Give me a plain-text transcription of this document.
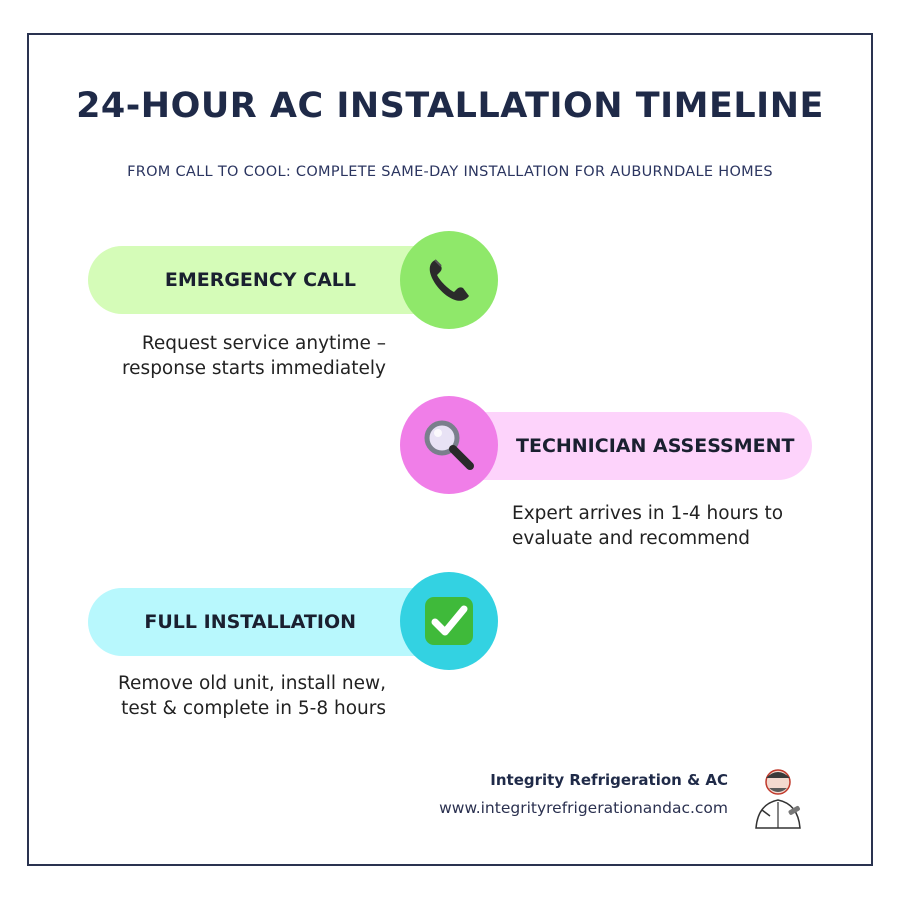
24-HOUR AC INSTALLATION TIMELINE
FROM CALL TO COOL: COMPLETE SAME-DAY INSTALLATION FOR AUBURNDALE HOMES
EMERGENCY CALL
Request service anytime –
response starts immediately
TECHNICIAN ASSESSMENT
Expert arrives in 1-4 hours to
evaluate and recommend
FULL INSTALLATION
Remove old unit, install new,
test & complete in 5-8 hours
Integrity Refrigeration & AC
www.integrityrefrigerationandac.com
